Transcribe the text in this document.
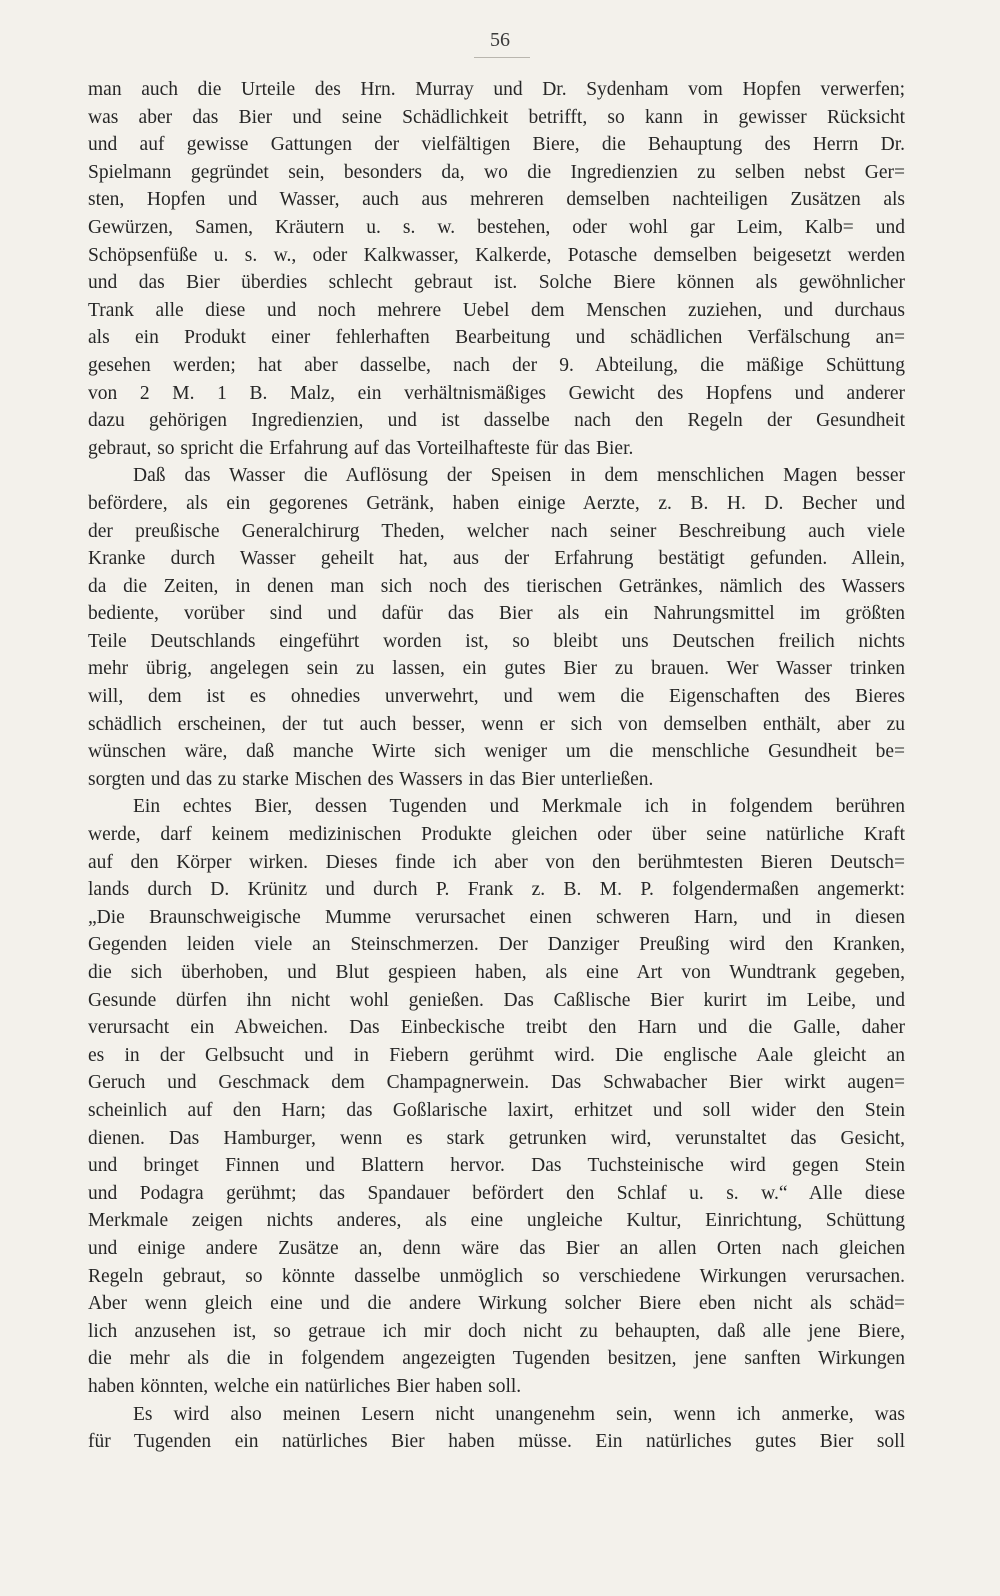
56
man auch die Urteile des Hrn. Murray und Dr. Sydenham vom Hopfen verwerfen;
was aber das Bier und seine Schädlichkeit betrifft, so kann in gewisser Rücksicht
und auf gewisse Gattungen der vielfältigen Biere, die Behauptung des Herrn Dr.
Spielmann gegründet sein, besonders da, wo die Ingredienzien zu selben nebst Ger=
sten, Hopfen und Wasser, auch aus mehreren demselben nachteiligen Zusätzen als
Gewürzen, Samen, Kräutern u. s. w. bestehen, oder wohl gar Leim, Kalb= und
Schöpsenfüße u. s. w., oder Kalkwasser, Kalkerde, Potasche demselben beigesetzt werden
und das Bier überdies schlecht gebraut ist. Solche Biere können als gewöhnlicher
Trank alle diese und noch mehrere Uebel dem Menschen zuziehen, und durchaus
als ein Produkt einer fehlerhaften Bearbeitung und schädlichen Verfälschung an=
gesehen werden; hat aber dasselbe, nach der 9. Abteilung, die mäßige Schüttung
von 2 M. 1 B. Malz, ein verhältnismäßiges Gewicht des Hopfens und anderer
dazu gehörigen Ingredienzien, und ist dasselbe nach den Regeln der Gesundheit
gebraut, so spricht die Erfahrung auf das Vorteilhafteste für das Bier.
Daß das Wasser die Auflösung der Speisen in dem menschlichen Magen besser
befördere, als ein gegorenes Getränk, haben einige Aerzte, z. B. H. D. Becher und
der preußische Generalchirurg Theden, welcher nach seiner Beschreibung auch viele
Kranke durch Wasser geheilt hat, aus der Erfahrung bestätigt gefunden. Allein,
da die Zeiten, in denen man sich noch des tierischen Getränkes, nämlich des Wassers
bediente, vorüber sind und dafür das Bier als ein Nahrungsmittel im größten
Teile Deutschlands eingeführt worden ist, so bleibt uns Deutschen freilich nichts
mehr übrig, angelegen sein zu lassen, ein gutes Bier zu brauen. Wer Wasser trinken
will, dem ist es ohnedies unverwehrt, und wem die Eigenschaften des Bieres
schädlich erscheinen, der tut auch besser, wenn er sich von demselben enthält, aber zu
wünschen wäre, daß manche Wirte sich weniger um die menschliche Gesundheit be=
sorgten und das zu starke Mischen des Wassers in das Bier unterließen.
Ein echtes Bier, dessen Tugenden und Merkmale ich in folgendem berühren
werde, darf keinem medizinischen Produkte gleichen oder über seine natürliche Kraft
auf den Körper wirken. Dieses finde ich aber von den berühmtesten Bieren Deutsch=
lands durch D. Krünitz und durch P. Frank z. B. M. P. folgendermaßen angemerkt:
„Die Braunschweigische Mumme verursachet einen schweren Harn, und in diesen
Gegenden leiden viele an Steinschmerzen. Der Danziger Preußing wird den Kranken,
die sich überhoben, und Blut gespieen haben, als eine Art von Wundtrank gegeben,
Gesunde dürfen ihn nicht wohl genießen. Das Caßlische Bier kurirt im Leibe, und
verursacht ein Abweichen. Das Einbeckische treibt den Harn und die Galle, daher
es in der Gelbsucht und in Fiebern gerühmt wird. Die englische Aale gleicht an
Geruch und Geschmack dem Champagnerwein. Das Schwabacher Bier wirkt augen=
scheinlich auf den Harn; das Goßlarische laxirt, erhitzet und soll wider den Stein
dienen. Das Hamburger, wenn es stark getrunken wird, verunstaltet das Gesicht,
und bringet Finnen und Blattern hervor. Das Tuchsteinische wird gegen Stein
und Podagra gerühmt; das Spandauer befördert den Schlaf u. s. w.“ Alle diese
Merkmale zeigen nichts anderes, als eine ungleiche Kultur, Einrichtung, Schüttung
und einige andere Zusätze an, denn wäre das Bier an allen Orten nach gleichen
Regeln gebraut, so könnte dasselbe unmöglich so verschiedene Wirkungen verursachen.
Aber wenn gleich eine und die andere Wirkung solcher Biere eben nicht als schäd=
lich anzusehen ist, so getraue ich mir doch nicht zu behaupten, daß alle jene Biere,
die mehr als die in folgendem angezeigten Tugenden besitzen, jene sanften Wirkungen
haben könnten, welche ein natürliches Bier haben soll.
Es wird also meinen Lesern nicht unangenehm sein, wenn ich anmerke, was
für Tugenden ein natürliches Bier haben müsse. Ein natürliches gutes Bier soll
